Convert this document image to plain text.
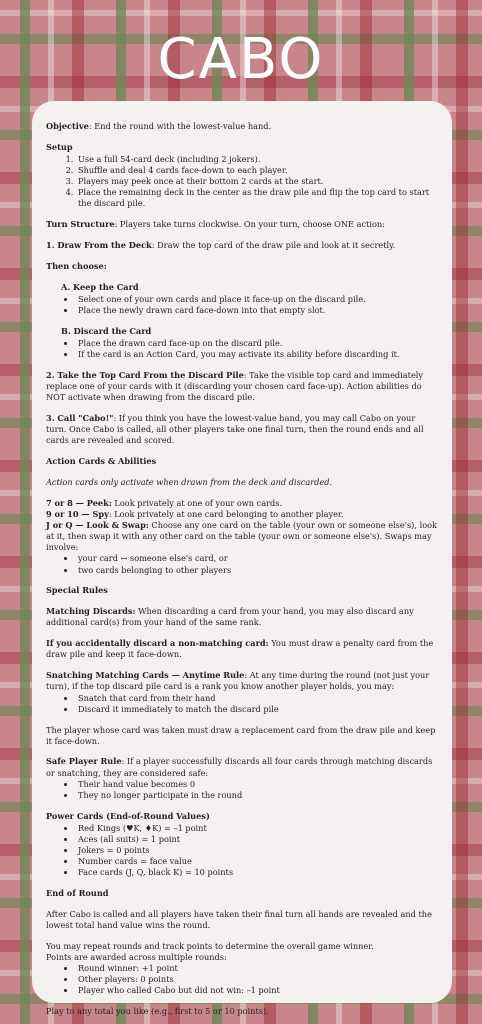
CABO

Objective: End the round with the lowest-value hand.

Setup
1. Use a full 54-card deck (including 2 jokers).
2. Shuffle and deal 4 cards face-down to each player.
3. Players may peek once at their bottom 2 cards at the start.
4. Place the remaining deck in the center as the draw pile and flip the top card to start the discard pile.

Turn Structure: Players take turns clockwise. On your turn, choose ONE action:

1. Draw From the Deck: Draw the top card of the draw pile and look at it secretly.

Then choose:

A. Keep the Card
• Select one of your own cards and place it face-up on the discard pile.
• Place the newly drawn card face-down into that empty slot.
B. Discard the Card
• Place the drawn card face-up on the discard pile.
• If the card is an Action Card, you may activate its ability before discarding it.

2. Take the Top Card From the Discard Pile: Take the visible top card and immediately replace one of your cards with it (discarding your chosen card face-up). Action abilities do NOT activate when drawing from the discard pile.

3. Call "Cabo!": If you think you have the lowest-value hand, you may call Cabo on your turn. Once Cabo is called, all other players take one final turn, then the round ends and all cards are revealed and scored.

Action Cards & Abilities

Action cards only activate when drawn from the deck and discarded.

7 or 8 — Peek: Look privately at one of your own cards.
9 or 10 — Spy: Look privately at one card belonging to another player.
J or Q — Look & Swap: Choose any one card on the table (your own or someone else's), look at it, then swap it with any other card on the table (your own or someone else's). Swaps may involve:
• your card ↔ someone else's card, or
• two cards belonging to other players

Special Rules

Matching Discards: When discarding a card from your hand, you may also discard any additional card(s) from your hand of the same rank.

If you accidentally discard a non-matching card: You must draw a penalty card from the draw pile and keep it face-down.

Snatching Matching Cards — Anytime Rule: At any time during the round (not just your turn), if the top discard pile card is a rank you know another player holds, you may:
• Snatch that card from their hand
• Discard it immediately to match the discard pile

The player whose card was taken must draw a replacement card from the draw pile and keep it face-down.

Safe Player Rule: If a player successfully discards all four cards through matching discards or snatching, they are considered safe:
• Their hand value becomes 0
• They no longer participate in the round
Power Cards (End-of-Round Values)
• Red Kings (♥K, ♦K) = –1 point
• Aces (all suits) = 1 point
• Jokers = 0 points
• Number cards = face value
• Face cards (J, Q, black K) = 10 points

End of Round

After Cabo is called and all players have taken their final turn all hands are revealed and the lowest total hand value wins the round.

You may repeat rounds and track points to determine the overall game winner.
Points are awarded across multiple rounds:
• Round winner: +1 point
• Other players: 0 points
• Player who called Cabo but did not win: –1 point

Play to any total you like (e.g., first to 5 or 10 points).
